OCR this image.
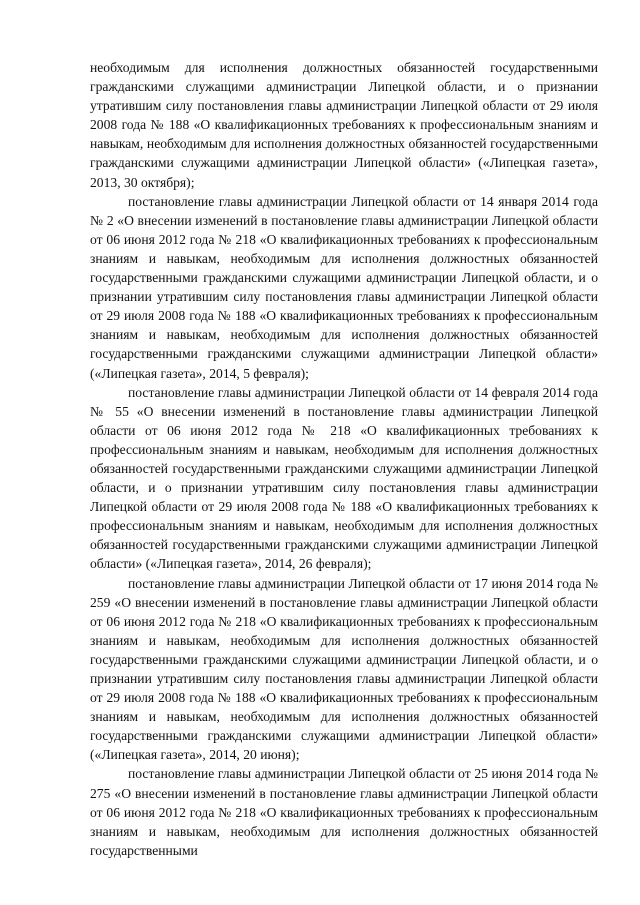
необходимым для исполнения должностных обязанностей государственными гражданскими служащими администрации Липецкой области, и о признании утратившим силу постановления главы администрации Липецкой области от 29 июля 2008 года № 188 «О квалификационных требованиях к профессиональным знаниям и навыкам, необходимым для исполнения должностных обязанностей государственными гражданскими служащими администрации Липецкой области» («Липецкая газета», 2013, 30 октября);

постановление главы администрации Липецкой области от 14 января 2014 года № 2 «О внесении изменений в постановление главы администрации Липецкой области от 06 июня 2012 года № 218 «О квалификационных требованиях к профессиональным знаниям и навыкам, необходимым для исполнения должностных обязанностей государственными гражданскими служащими администрации Липецкой области, и о признании утратившим силу постановления главы администрации Липецкой области от 29 июля 2008 года № 188 «О квалификационных требованиях к профессиональным знаниям и навыкам, необходимым для исполнения должностных обязанностей государственными гражданскими служащими администрации Липецкой области» («Липецкая газета», 2014, 5 февраля);

постановление главы администрации Липецкой области от 14 февраля 2014 года № 55 «О внесении изменений в постановление главы администрации Липецкой области от 06 июня 2012 года № 218 «О квалификационных требованиях к профессиональным знаниям и навыкам, необходимым для исполнения должностных обязанностей государственными гражданскими служащими администрации Липецкой области, и о признании утратившим силу постановления главы администрации Липецкой области от 29 июля 2008 года № 188 «О квалификационных требованиях к профессиональным знаниям и навыкам, необходимым для исполнения должностных обязанностей государственными гражданскими служащими администрации Липецкой области» («Липецкая газета», 2014, 26 февраля);

постановление главы администрации Липецкой области от 17 июня 2014 года № 259 «О внесении изменений в постановление главы администрации Липецкой области от 06 июня 2012 года № 218 «О квалификационных требованиях к профессиональным знаниям и навыкам, необходимым для исполнения должностных обязанностей государственными гражданскими служащими администрации Липецкой области, и о признании утратившим силу постановления главы администрации Липецкой области от 29 июля 2008 года № 188 «О квалификационных требованиях к профессиональным знаниям и навыкам, необходимым для исполнения должностных обязанностей государственными гражданскими служащими администрации Липецкой области» («Липецкая газета», 2014, 20 июня);

постановление главы администрации Липецкой области от 25 июня 2014 года № 275 «О внесении изменений в постановление главы администрации Липецкой области от 06 июня 2012 года № 218 «О квалификационных требованиях к профессиональным знаниям и навыкам, необходимым для исполнения должностных обязанностей государственными
